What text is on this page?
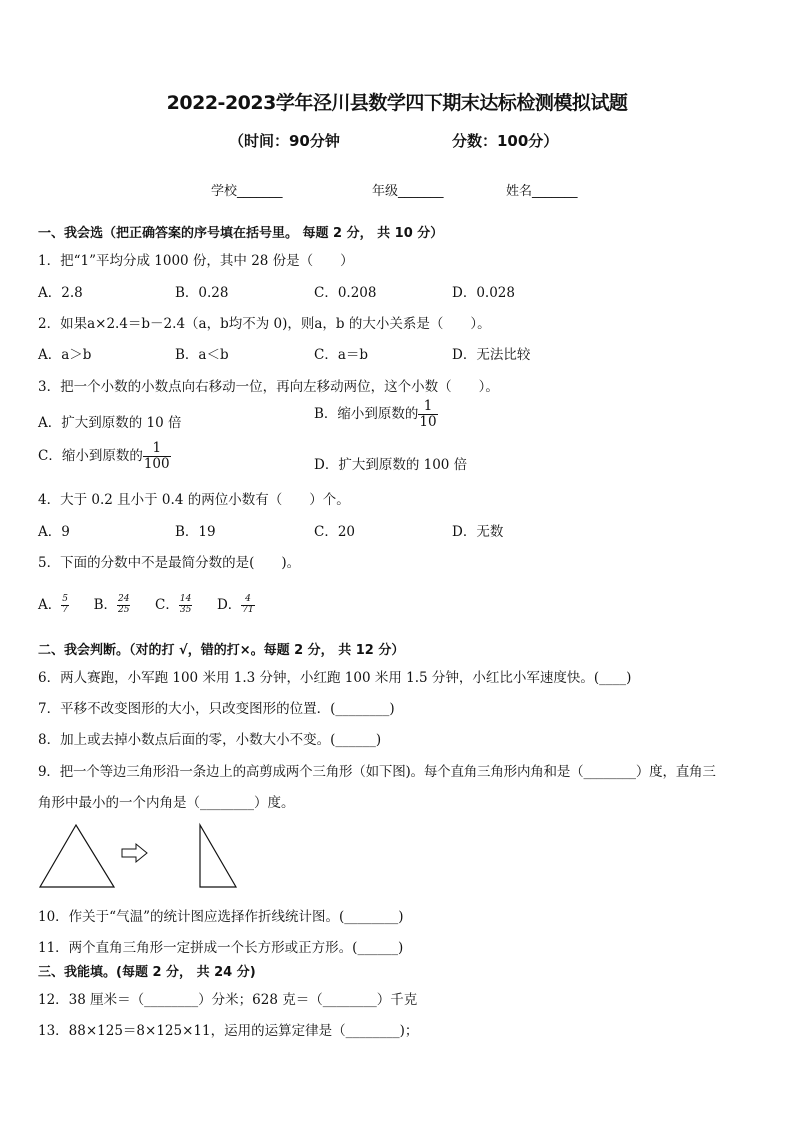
2022-2023学年泾川县数学四下期末达标检测模拟试题
（时间：90分钟	分数：100分）
学校_______	年级_______	姓名_______
一、我会选（把正确答案的序号填在括号里。 每题 2 分， 共 10 分）
1．把“1”平均分成 1000 份，其中 28 份是（　　）
A．2.8	B．0.28	C．0.208	D．0.028
2．如果a×2.4＝b－2.4（a，b均不为 0)，则a，b 的大小关系是（　　）。
A．a＞b	B．a＜b	C．a＝b	D．无法比较
3．把一个小数的小数点向右移动一位，再向左移动两位，这个小数（　　）。
A．扩大到原数的 10 倍
B．缩小到原数的 $\frac{1}{10}$
C．缩小到原数的 $\frac{1}{100}$	D．扩大到原数的 100 倍
4．大于 0.2 且小于 0.4 的两位小数有（　　）个。
A．9	B．19	C．20	D．无数
5．下面的分数中不是最简分数的是(　　)。
A． $\frac{5}{7}$ B． $\frac{24}{25}$ C． $\frac{14}{35}$ D． $\frac{4}{71}$
二、我会判断。（对的打 √，错的打×。每题 2 分， 共 12 分）
6．两人赛跑，小军跑 100 米用 1.3 分钟，小红跑 100 米用 1.5 分钟，小红比小军速度快。(____)
7．平移不改变图形的大小，只改变图形的位置．(________)
8．加上或去掉小数点后面的零，小数大小不变。(______)
9．把一个等边三角形沿一条边上的高剪成两个三角形（如下图)。每个直角三角形内角和是（________）度，直角三
角形中最小的一个内角是（________）度。
10．作关于“气温”的统计图应选择作折线统计图。(________)
11．两个直角三角形一定拼成一个长方形或正方形。(______)
三、我能填。(每题 2 分， 共 24 分)
12．38 厘米＝（________）分米；628 克＝（________）千克
13．88×125＝8×125×11，运用的运算定律是（________)；
